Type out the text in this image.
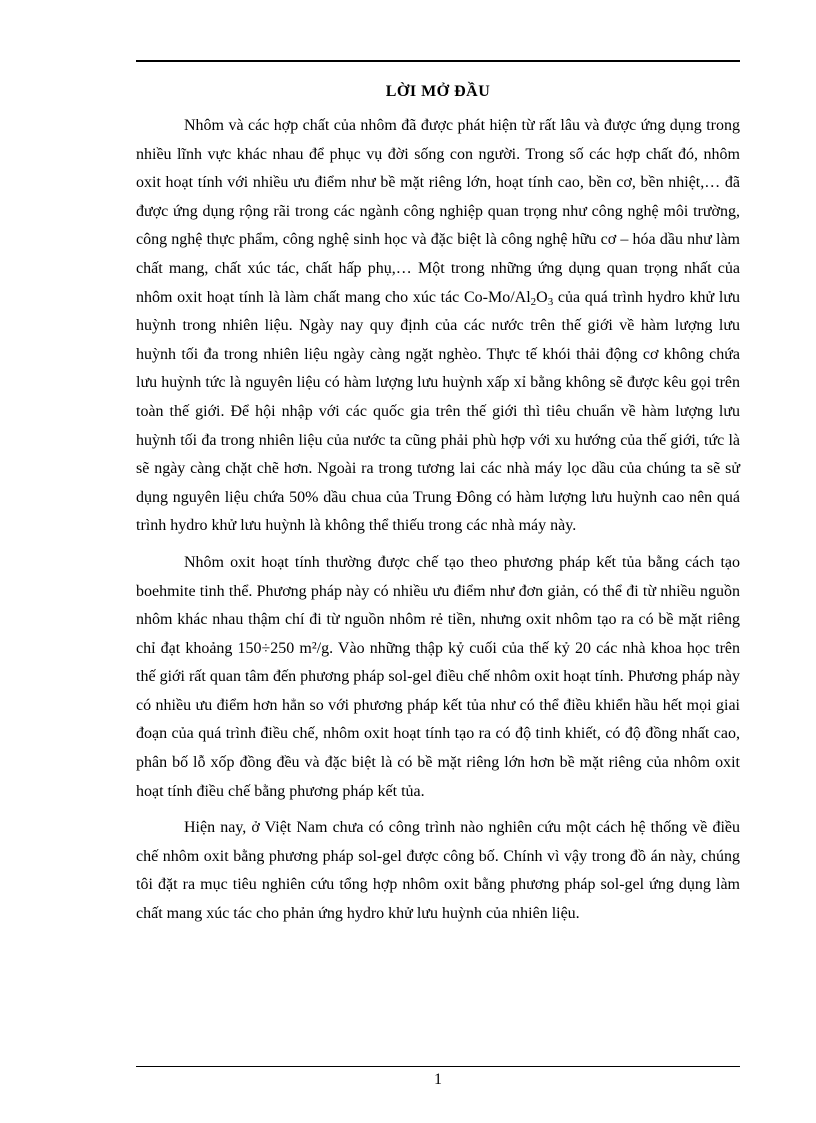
LỜI MỞ ĐẦU

Nhôm và các hợp chất của nhôm đã được phát hiện từ rất lâu và được ứng dụng trong nhiều lĩnh vực khác nhau để phục vụ đời sống con người. Trong số các hợp chất đó, nhôm oxit hoạt tính với nhiều ưu điểm như bề mặt riêng lớn, hoạt tính cao, bền cơ, bền nhiệt,… đã được ứng dụng rộng rãi trong các ngành công nghiệp quan trọng như công nghệ môi trường, công nghệ thực phẩm, công nghệ sinh học và đặc biệt là công nghệ hữu cơ – hóa dầu như làm chất mang, chất xúc tác, chất hấp phụ,… Một trong những ứng dụng quan trọng nhất của nhôm oxit hoạt tính là làm chất mang cho xúc tác $Co-Mo/Al_2O_3$ của quá trình hydro khử lưu huỳnh trong nhiên liệu. Ngày nay quy định của các nước trên thế giới về hàm lượng lưu huỳnh tối đa trong nhiên liệu ngày càng ngặt nghèo. Thực tế khói thải động cơ không chứa lưu huỳnh tức là nguyên liệu có hàm lượng lưu huỳnh xấp xỉ bằng không sẽ được kêu gọi trên toàn thế giới. Để hội nhập với các quốc gia trên thế giới thì tiêu chuẩn về hàm lượng lưu huỳnh tối đa trong nhiên liệu của nước ta cũng phải phù hợp với xu hướng của thế giới, tức là sẽ ngày càng chặt chẽ hơn. Ngoài ra trong tương lai các nhà máy lọc dầu của chúng ta sẽ sử dụng nguyên liệu chứa 50% dầu chua của Trung Đông có hàm lượng lưu huỳnh cao nên quá trình hydro khử lưu huỳnh là không thể thiếu trong các nhà máy này.

Nhôm oxit hoạt tính thường được chế tạo theo phương pháp kết tủa bằng cách tạo boehmite tinh thể. Phương pháp này có nhiều ưu điểm như đơn giản, có thể đi từ nhiều nguồn nhôm khác nhau thậm chí đi từ nguồn nhôm rẻ tiền, nhưng oxit nhôm tạo ra có bề mặt riêng chỉ đạt khoảng 150÷250 m²/g. Vào những thập kỷ cuối của thế kỷ 20 các nhà khoa học trên thế giới rất quan tâm đến phương pháp sol-gel điều chế nhôm oxit hoạt tính. Phương pháp này có nhiều ưu điểm hơn hẳn so với phương pháp kết tủa như có thể điều khiển hầu hết mọi giai đoạn của quá trình điều chế, nhôm oxit hoạt tính tạo ra có độ tinh khiết, có độ đồng nhất cao, phân bố lỗ xốp đồng đều và đặc biệt là có bề mặt riêng lớn hơn bề mặt riêng của nhôm oxit hoạt tính điều chế bằng phương pháp kết tủa.

Hiện nay, ở Việt Nam chưa có công trình nào nghiên cứu một cách hệ thống về điều chế nhôm oxit bằng phương pháp sol-gel được công bố. Chính vì vậy trong đồ án này, chúng tôi đặt ra mục tiêu nghiên cứu tổng hợp nhôm oxit bằng phương pháp sol-gel ứng dụng làm chất mang xúc tác cho phản ứng hydro khử lưu huỳnh của nhiên liệu.

1
